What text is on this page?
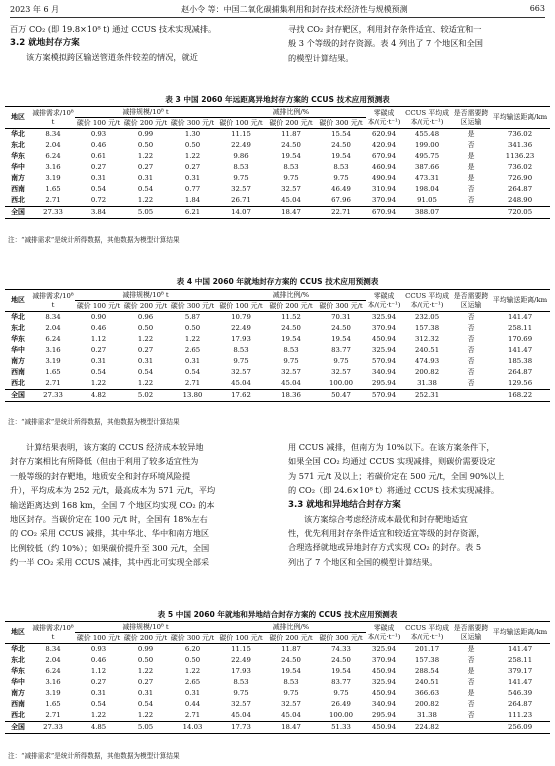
2023 年 6 月	赵小令 等：中国二氧化碳捕集利用和封存技术经济性与规模预测	663
百万 CO₂ (即 19.8×10⁸ t) 通过 CCUS 技术实现减排。
3.2 就地封存方案
该方案模拟跨区输送管道条件较差的情况，就近
寻找 CO₂ 封存靶区，利用封存条件适宜、较适宜和一
般 3 个等级的封存资源。表 4 列出了 7 个地区和全国
的模型计算结果。
表 3 中国 2060 年远距离异地封存方案的 CCUS 技术应用预测表
地区	减排需求/10⁸ t	减排规模/10⁸ t			减排比例/%			零碳成本/(元·t⁻¹)	CCUS 平均成本/(元·t⁻¹)	是否需要跨区运输	平均输送距离/km
		碳价 100 元/t	碳价 200 元/t	碳价 300 元/t	碳价 100 元/t	碳价 200 元/t	碳价 300 元/t				
华北	8.34	0.93	0.99	1.30	11.15	11.87	15.54	620.94	455.48	是	736.02
东北	2.04	0.46	0.50	0.50	22.49	24.50	24.50	420.94	199.00	否	341.36
华东	6.24	0.61	1.22	1.22	9.86	19.54	19.54	670.94	495.75	是	1136.23
华中	3.16	0.27	0.27	0.27	8.53	8.53	8.53	460.94	387.66	是	736.02
南方	3.19	0.31	0.31	0.31	9.75	9.75	9.75	490.94	473.31	是	726.90
西南	1.65	0.54	0.54	0.77	32.57	32.57	46.49	310.94	198.04	否	264.87
西北	2.71	0.72	1.22	1.84	26.71	45.04	67.96	370.94	91.05	否	248.90
全国	27.33	3.84	5.05	6.21	14.07	18.47	22.71	670.94	388.07		720.05
注：“减排需求”是统计所得数据，其他数据为模型计算结果
表 4 中国 2060 年就地封存方案的 CCUS 技术应用预测表
地区	减排需求/10⁸ t	减排规模/10⁸ t			减排比例/%			零碳成本/(元·t⁻¹)	CCUS 平均成本/(元·t⁻¹)	是否需要跨区运输	平均输送距离/km
		碳价 100 元/t	碳价 200 元/t	碳价 300 元/t	碳价 100 元/t	碳价 200 元/t	碳价 300 元/t				
华北	8.34	0.90	0.96	5.87	10.79	11.52	70.31	325.94	232.05	否	141.47
东北	2.04	0.46	0.50	0.50	22.49	24.50	24.50	370.94	157.38	否	258.11
华东	6.24	1.12	1.22	1.22	17.93	19.54	19.54	450.94	312.32	否	170.69
华中	3.16	0.27	0.27	2.65	8.53	8.53	83.77	325.94	240.51	否	141.47
南方	3.19	0.31	0.31	0.31	9.75	9.75	9.75	570.94	474.93	否	185.38
西南	1.65	0.54	0.54	0.54	32.57	32.57	32.57	340.94	200.82	否	264.87
西北	2.71	1.22	1.22	2.71	45.04	45.04	100.00	295.94	31.38	否	129.56
全国	27.33	4.82	5.02	13.80	17.62	18.36	50.47	570.94	252.31		168.22
注：“减排需求”是统计所得数据，其他数据为模型计算结果
计算结果表明，该方案的 CCUS 经济成本较异地
封存方案相比有所降低（但由于利用了较多适宜性为
一般等级的封存靶地，地质安全和封存环境风险提
升），平均成本为 252 元/t，最高成本为 571 元/t，平均
输送距离达到 168 km，全国 7 个地区均实现 CO₂ 的本
地区封存。当碳价定在 100 元/t 时，全国有 18%左右
的 CO₂ 采用 CCUS 减排，其中华北、华中和南方地区
比例较低（约 10%）；如果碳价提升至 300 元/t，全国
约一半 CO₂ 采用 CCUS 减排，其中西北可实现全部采
用 CCUS 减排，但南方为 10%以下。在该方案条件下，
如果全国 CO₂ 均通过 CCUS 实现减排，则碳价需要设定
为 571 元/t 及以上；若碳价定在 500 元/t，全国 90%以上
的 CO₂（即 24.6×10⁸ t）将通过 CCUS 技术实现减排。
3.3 就地和异地结合封存方案
该方案综合考虑经济成本最优和封存靶地适宜
性，优先利用封存条件适宜和较适宜等级的封存资源，
合理选择就地或异地封存方式实现 CO₂ 的封存。表 5
列出了 7 个地区和全国的模型计算结果。
表 5 中国 2060 年就地和异地结合封存方案的 CCUS 技术应用预测表
地区	减排需求/10⁸ t	减排规模/10⁸ t			减排比例/%			零碳成本/(元·t⁻¹)	CCUS 平均成本/(元·t⁻¹)	是否需要跨区运输	平均输送距离/km
		碳价 100 元/t	碳价 200 元/t	碳价 300 元/t	碳价 100 元/t	碳价 200 元/t	碳价 300 元/t				
华北	8.34	0.93	0.99	6.20	11.15	11.87	74.33	325.94	201.17	是	141.47
东北	2.04	0.46	0.50	0.50	22.49	24.50	24.50	370.94	157.38	否	258.11
华东	6.24	1.12	1.22	1.22	17.93	19.54	19.54	450.94	288.54	是	379.17
华中	3.16	0.27	0.27	2.65	8.53	8.53	83.77	325.94	240.51	否	141.47
南方	3.19	0.31	0.31	0.31	9.75	9.75	9.75	450.94	366.63	是	546.39
西南	1.65	0.54	0.54	0.44	32.57	32.57	26.49	340.94	200.82	否	264.87
西北	2.71	1.22	1.22	2.71	45.04	45.04	100.00	295.94	31.38	否	111.23
全国	27.33	4.85	5.05	14.03	17.73	18.47	51.33	450.94	224.82		256.09
注：“减排需求”是统计所得数据，其他数据为模型计算结果
